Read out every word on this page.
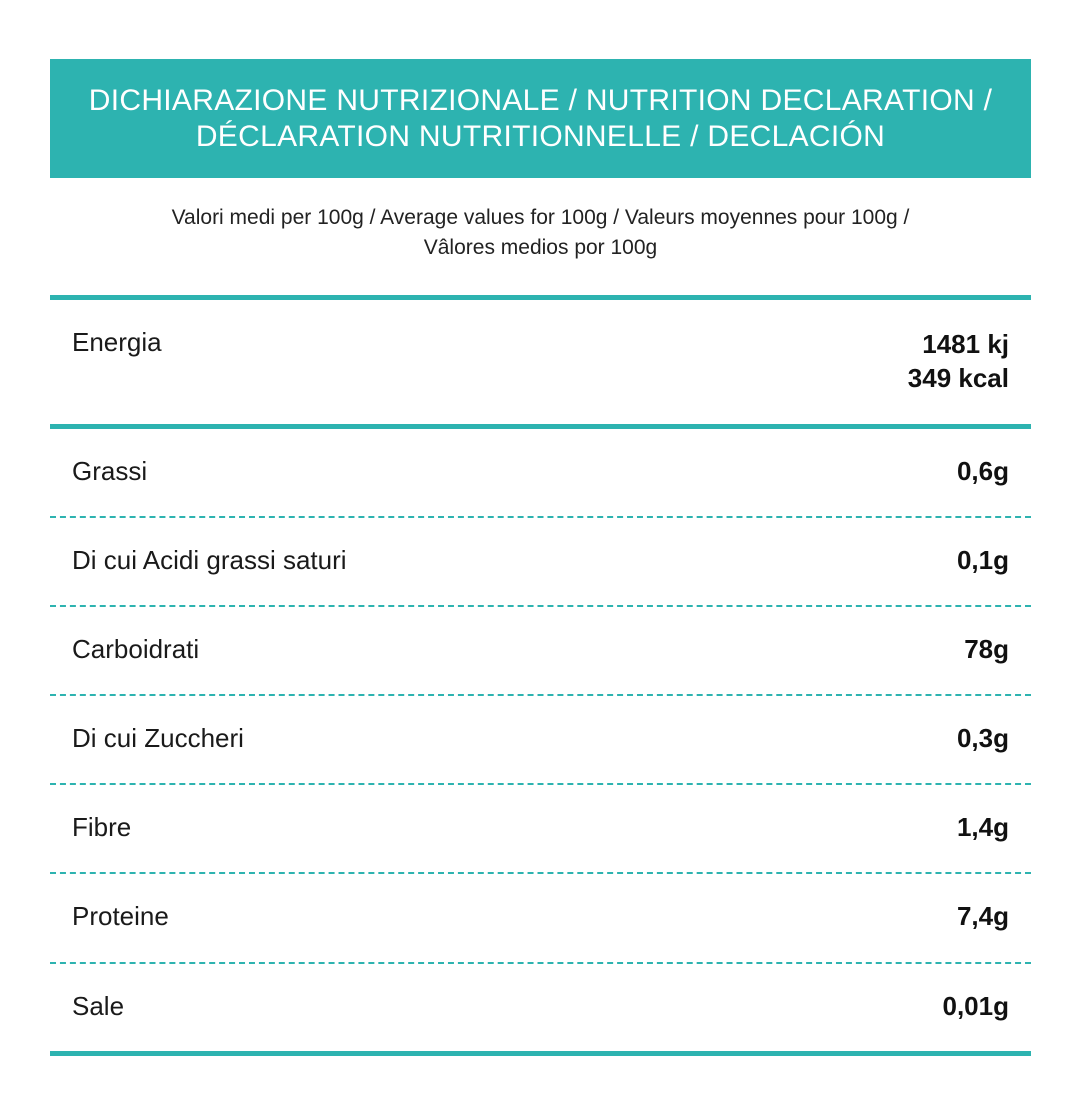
DICHIARAZIONE NUTRIZIONALE / NUTRITION DECLARATION / DÉCLARATION NUTRITIONNELLE / DECLACIÓN
Valori medi per 100g / Average values for 100g / Valeurs moyennes pour 100g /
Vâlores medios por 100g
Energia	1481 kj
349 kcal
Grassi	0,6g
Di cui Acidi grassi saturi	0,1g
Carboidrati	78g
Di cui Zuccheri	0,3g
Fibre	1,4g
Proteine	7,4g
Sale	0,01g
